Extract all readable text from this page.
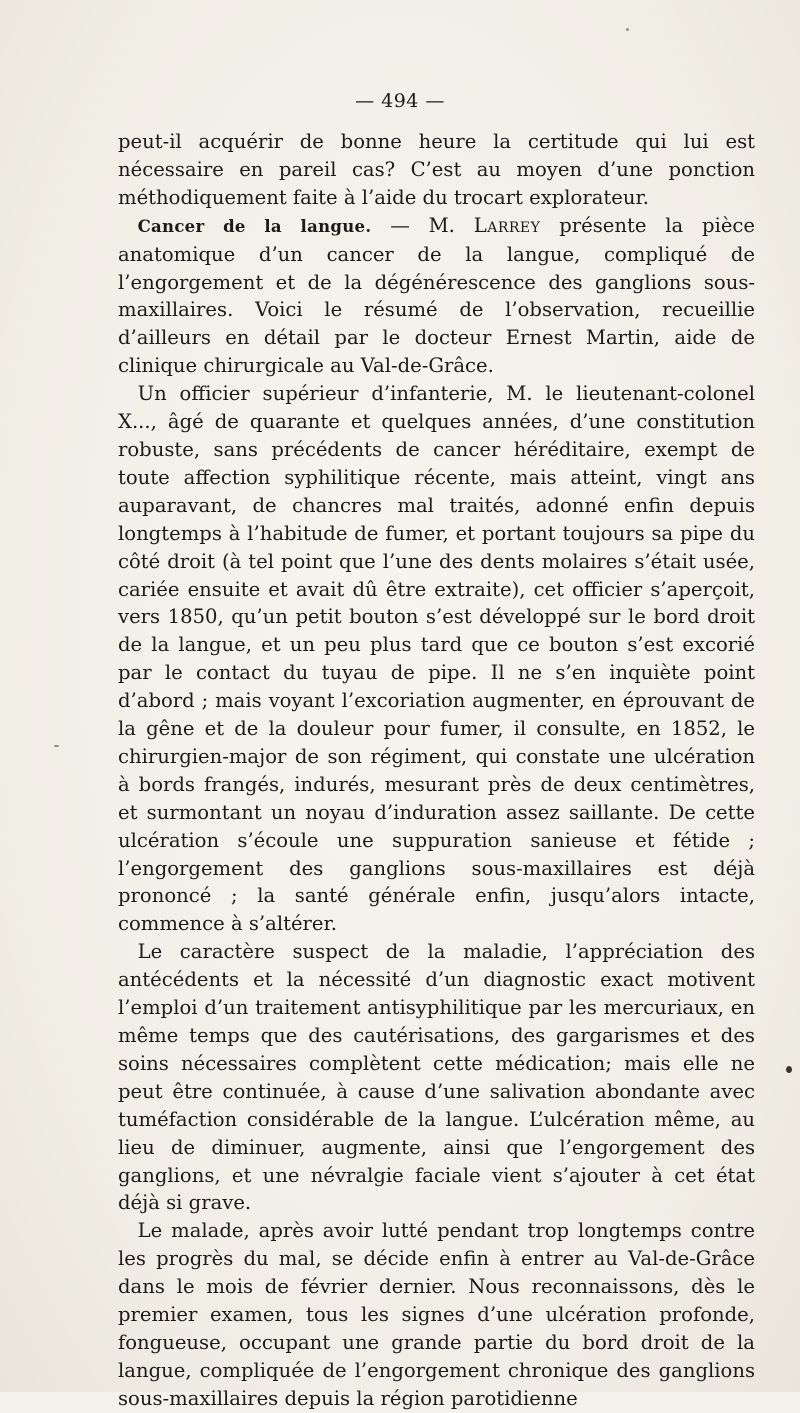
— 494 —

peut-il acquérir de bonne heure la certitude qui lui est nécessaire en pareil cas? C’est au moyen d’une ponction méthodiquement faite à l’aide du trocart explorateur.

Cancer de la langue. — M. Larrey présente la pièce anatomique d’un cancer de la langue, compliqué de l’engorgement et de la dégénérescence des ganglions sous-maxillaires. Voici le résumé de l’observation, recueillie d’ailleurs en détail par le docteur Ernest Martin, aide de clinique chirurgicale au Val-de-Grâce.

Un officier supérieur d’infanterie, M. le lieutenant-colonel X..., âgé de quarante et quelques années, d’une constitution robuste, sans précédents de cancer héréditaire, exempt de toute affection syphilitique récente, mais atteint, vingt ans auparavant, de chancres mal traités, adonné enfin depuis longtemps à l’habitude de fumer, et portant toujours sa pipe du côté droit (à tel point que l’une des dents molaires s’était usée, cariée ensuite et avait dû être extraite), cet officier s’aperçoit, vers 1850, qu’un petit bouton s’est développé sur le bord droit de la langue, et un peu plus tard que ce bouton s’est excorié par le contact du tuyau de pipe. Il ne s’en inquiète point d’abord ; mais voyant l’excoriation augmenter, en éprouvant de la gêne et de la douleur pour fumer, il consulte, en 1852, le chirurgien-major de son régiment, qui constate une ulcération à bords frangés, indurés, mesurant près de deux centimètres, et surmontant un noyau d’induration assez saillante. De cette ulcération s’écoule une suppuration sanieuse et fétide ; l’engorgement des ganglions sous-maxillaires est déjà prononcé ; la santé générale enfin, jusqu’alors intacte, commence à s’altérer.

Le caractère suspect de la maladie, l’appréciation des antécédents et la nécessité d’un diagnostic exact motivent l’emploi d’un traitement antisyphilitique par les mercuriaux, en même temps que des cautérisations, des gargarismes et des soins nécessaires complètent cette médication; mais elle ne peut être continuée, à cause d’une salivation abondante avec tuméfaction considérable de la langue. L’ulcération même, au lieu de diminuer, augmente, ainsi que l’engorgement des ganglions, et une névralgie faciale vient s’ajouter à cet état déjà si grave.

Le malade, après avoir lutté pendant trop longtemps contre les progrès du mal, se décide enfin à entrer au Val-de-Grâce dans le mois de février dernier. Nous reconnaissons, dès le premier examen, tous les signes d’une ulcération profonde, fongueuse, occupant une grande partie du bord droit de la langue, compliquée de l’engorgement chronique des ganglions sous-maxillaires depuis la région parotidienne
